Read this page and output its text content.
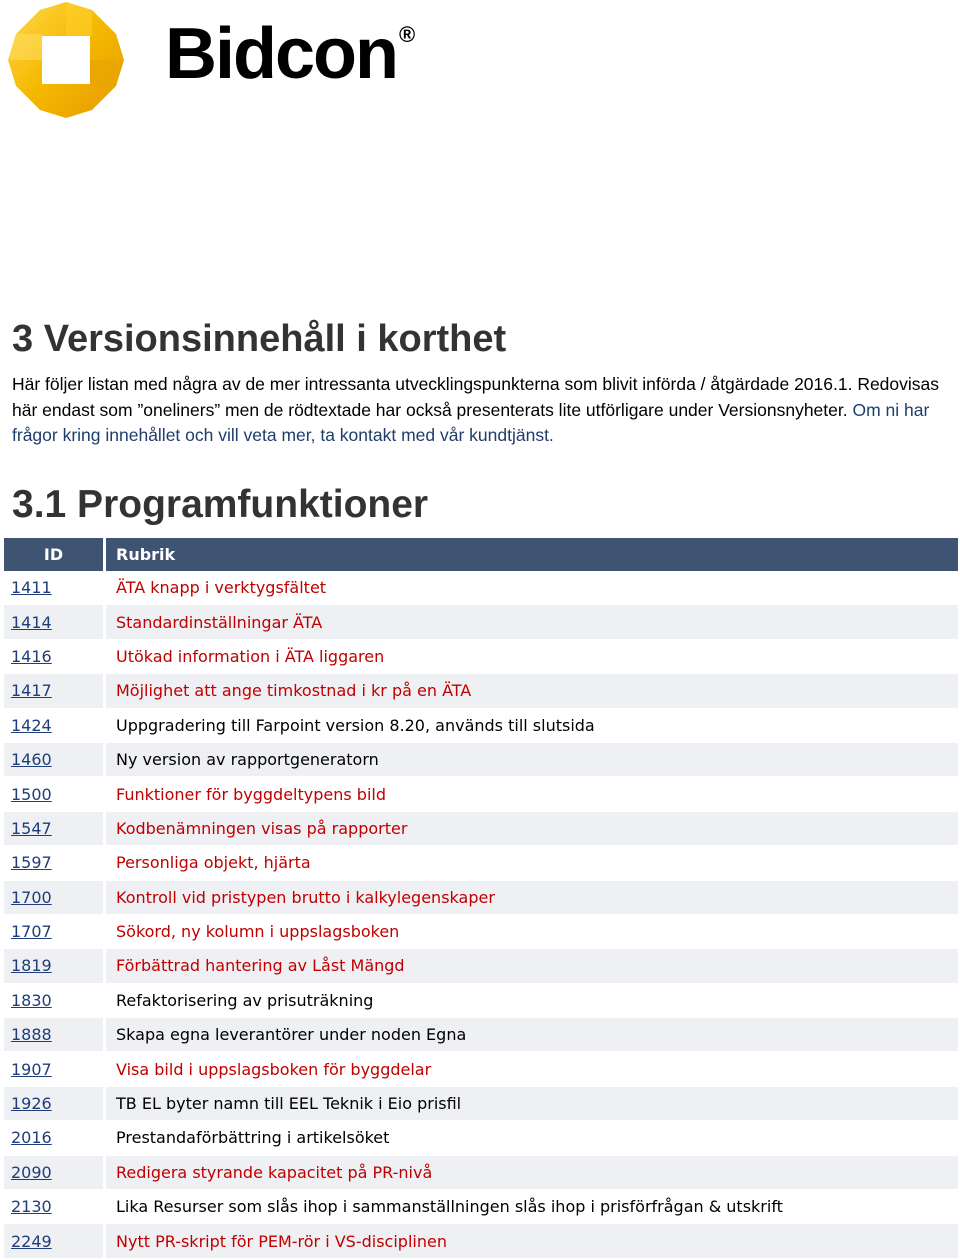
Bidcon®
3 Versionsinnehåll i korthet

Här följer listan med några av de mer intressanta utvecklingspunkterna som blivit införda / åtgärdade 2016.1. Redovisas här endast som ”oneliners” men de rödtextade har också presenterats lite utförligare under Versionsnyheter. Om ni har frågor kring innehållet och vill veta mer, ta kontakt med vår kundtjänst.

3.1 Programfunktioner
ID	Rubrik
1411	ÄTA knapp i verktygsfältet
1414	Standardinställningar ÄTA
1416	Utökad information i ÄTA liggaren
1417	Möjlighet att ange timkostnad i kr på en ÄTA
1424	Uppgradering till Farpoint version 8.20, används till slutsida
1460	Ny version av rapportgeneratorn
1500	Funktioner för byggdeltypens bild
1547	Kodbenämningen visas på rapporter
1597	Personliga objekt, hjärta
1700	Kontroll vid pristypen brutto i kalkylegenskaper
1707	Sökord, ny kolumn i uppslagsboken
1819	Förbättrad hantering av Låst Mängd
1830	Refaktorisering av prisuträkning
1888	Skapa egna leverantörer under noden Egna
1907	Visa bild i uppslagsboken för byggdelar
1926	TB EL byter namn till EEL Teknik i Eio prisfil
2016	Prestandaförbättring i artikelsöket
2090	Redigera styrande kapacitet på PR-nivå
2130	Lika Resurser som slås ihop i sammanställningen slås ihop i prisförfrågan & utskrift
2249	Nytt PR-skript för PEM-rör i VS-disciplinen
